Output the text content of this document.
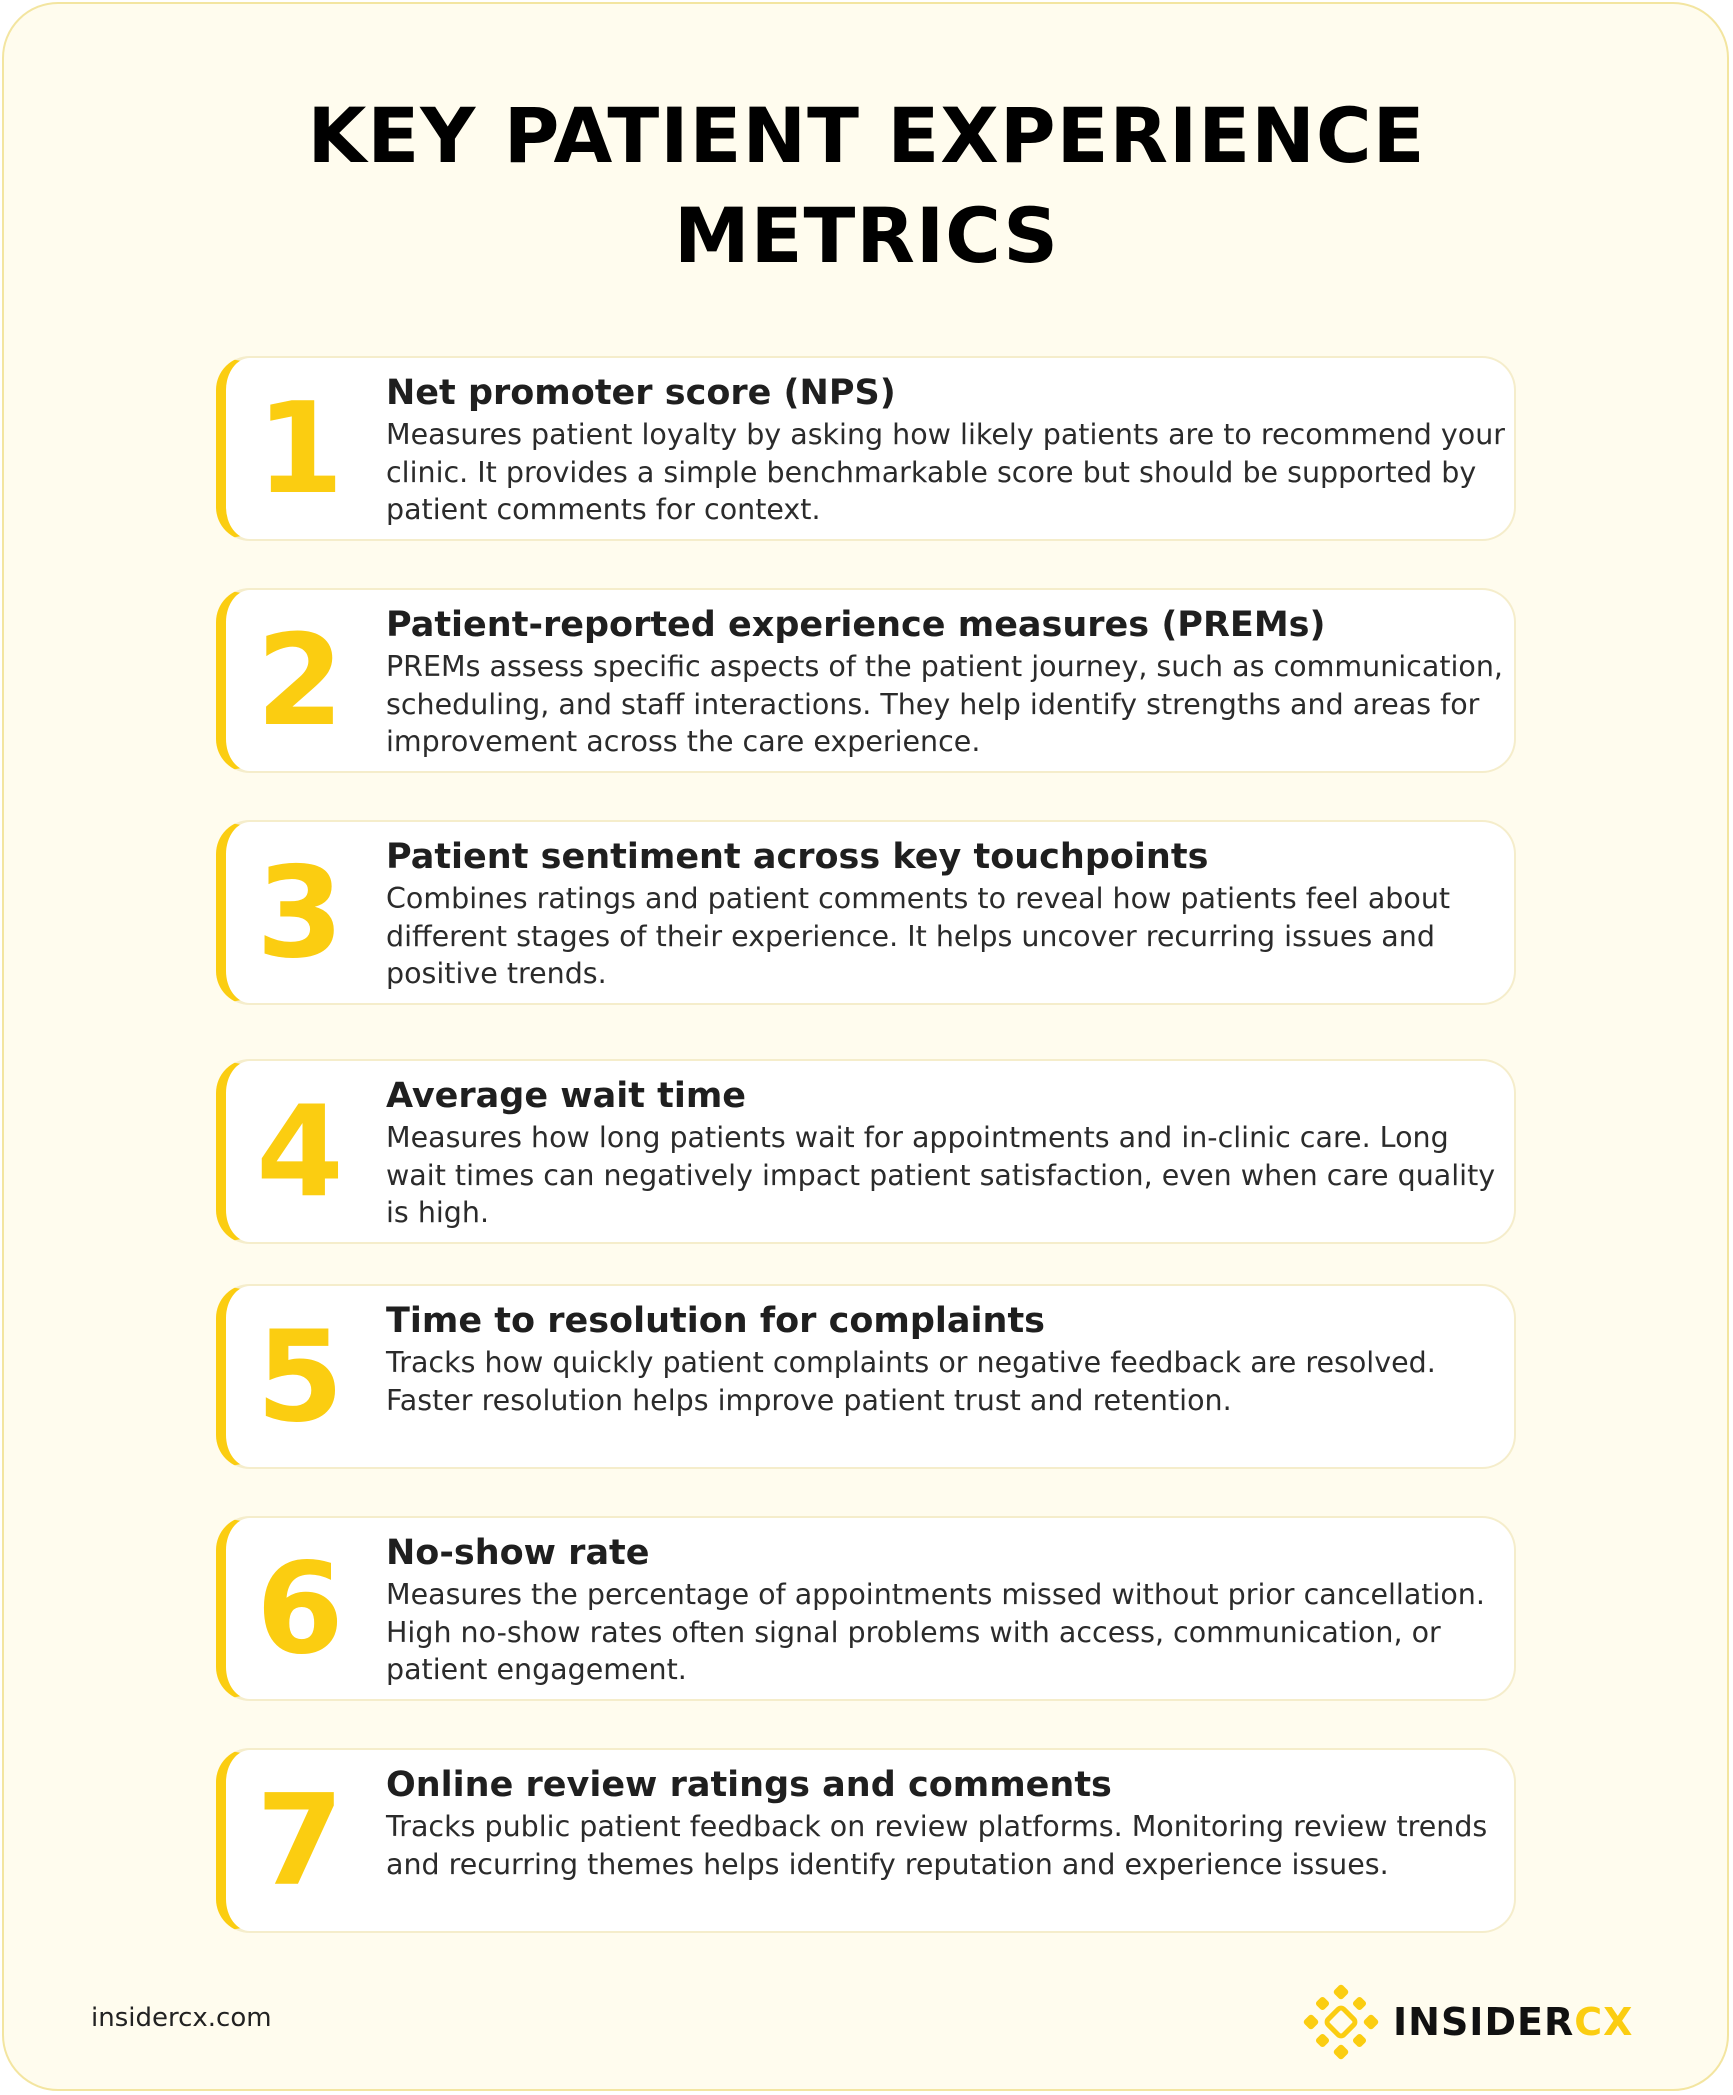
KEY PATIENT EXPERIENCE
METRICS
1	Net promoter score (NPS)
Measures patient loyalty by asking how likely patients are to recommend your clinic. It provides a simple benchmarkable score but should be supported by patient comments for context.
2	Patient-reported experience measures (PREMs)
PREMs assess specific aspects of the patient journey, such as communication, scheduling, and staff interactions. They help identify strengths and areas for improvement across the care experience.
3	Patient sentiment across key touchpoints
Combines ratings and patient comments to reveal how patients feel about different stages of their experience. It helps uncover recurring issues and positive trends.
4	Average wait time
Measures how long patients wait for appointments and in-clinic care. Long wait times can negatively impact patient satisfaction, even when care quality is high.
5	Time to resolution for complaints
Tracks how quickly patient complaints or negative feedback are resolved. Faster resolution helps improve patient trust and retention.
6	No-show rate
Measures the percentage of appointments missed without prior cancellation. High no-show rates often signal problems with access, communication, or patient engagement.
7	Online review ratings and comments
Tracks public patient feedback on review platforms. Monitoring review trends and recurring themes helps identify reputation and experience issues.
insidercx.com	INSIDERCX
